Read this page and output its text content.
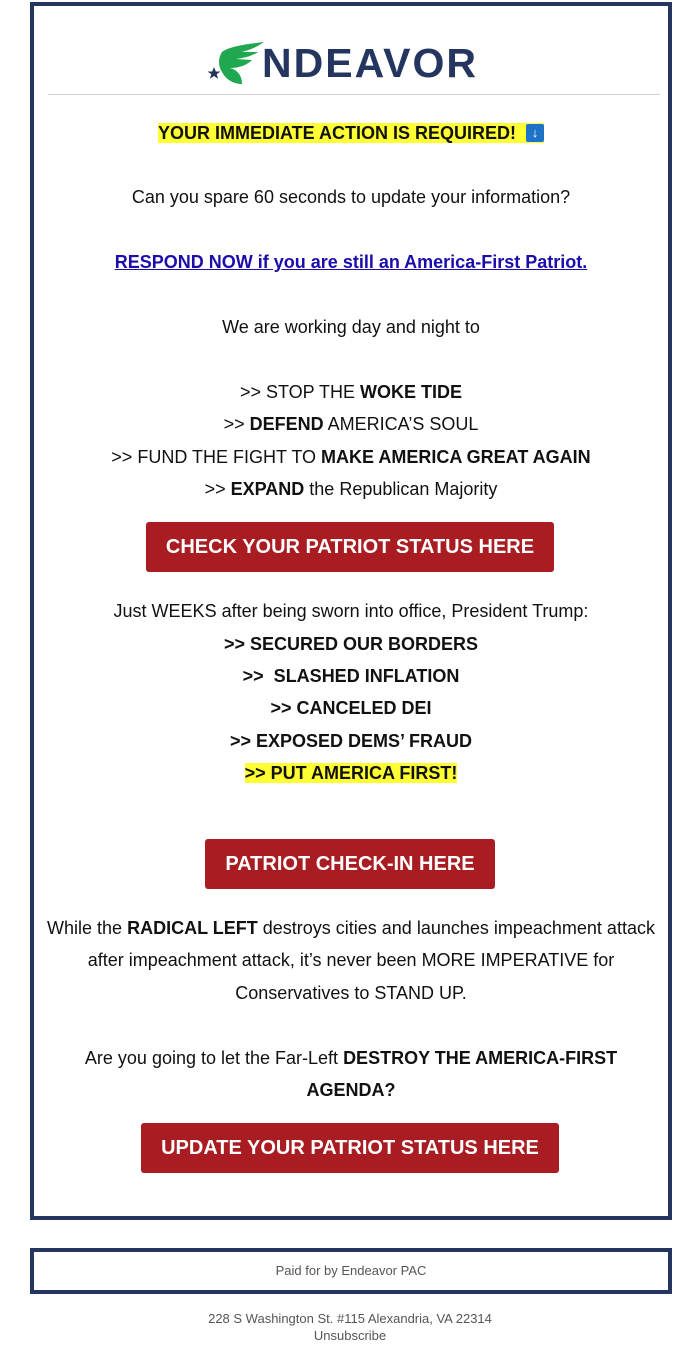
NDEAVOR
YOUR IMMEDIATE ACTION IS REQUIRED! ↓
Can you spare 60 seconds to update your information?
RESPOND NOW if you are still an America-First Patriot.
We are working day and night to
>> STOP THE WOKE TIDE
>> DEFEND AMERICA’S SOUL
>> FUND THE FIGHT TO MAKE AMERICA GREAT AGAIN
>> EXPAND the Republican Majority
CHECK YOUR PATRIOT STATUS HERE
Just WEEKS after being sworn into office, President Trump:
>> SECURED OUR BORDERS
>>  SLASHED INFLATION
>> CANCELED DEI
>> EXPOSED DEMS’ FRAUD
>> PUT AMERICA FIRST!
PATRIOT CHECK-IN HERE
While the RADICAL LEFT destroys cities and launches impeachment attack
after impeachment attack, it’s never been MORE IMPERATIVE for
Conservatives to STAND UP.
Are you going to let the Far-Left DESTROY THE AMERICA-FIRST
AGENDA?
UPDATE YOUR PATRIOT STATUS HERE
Paid for by Endeavor PAC
228 S Washington St. #115 Alexandria, VA 22314
Unsubscribe
